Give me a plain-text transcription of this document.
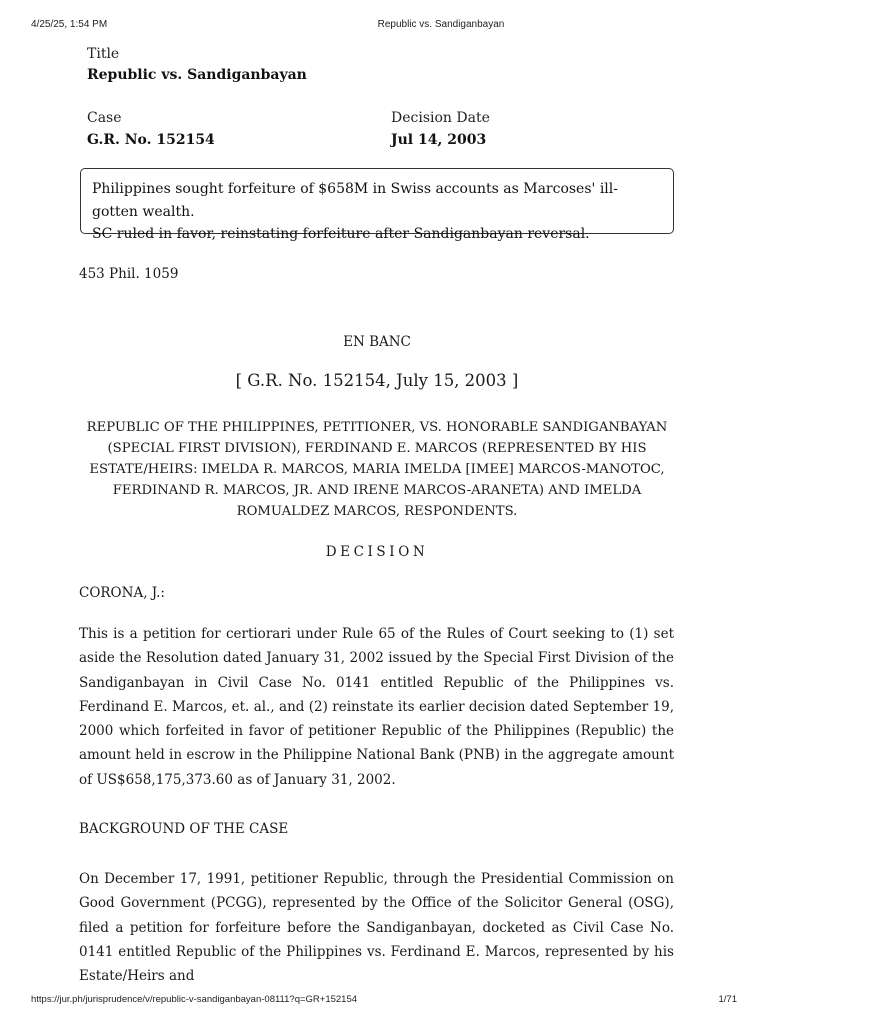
4/25/25, 1:54 PM	Republic vs. Sandiganbayan
Title
Republic vs. Sandiganbayan
Case
G.R. No. 152154
Decision Date
Jul 14, 2003

Philippines sought forfeiture of $658M in Swiss accounts as Marcoses' ill-gotten wealth.

SC ruled in favor, reinstating forfeiture after Sandiganbayan reversal.

453 Phil. 1059
EN BANC
[ G.R. No. 152154, July 15, 2003 ]
REPUBLIC OF THE PHILIPPINES, PETITIONER, VS. HONORABLE SANDIGANBAYAN
(SPECIAL FIRST DIVISION), FERDINAND E. MARCOS (REPRESENTED BY HIS
ESTATE/HEIRS: IMELDA R. MARCOS, MARIA IMELDA [IMEE] MARCOS-MANOTOC,
FERDINAND R. MARCOS, JR. AND IRENE MARCOS-ARANETA) AND IMELDA
ROMUALDEZ MARCOS, RESPONDENTS.
DECISION
CORONA, J.:

This is a petition for certiorari under Rule 65 of the Rules of Court seeking to (1) set aside the Resolution dated January 31, 2002 issued by the Special First Division of the Sandiganbayan in Civil Case No. 0141 entitled Republic of the Philippines vs. Ferdinand E. Marcos, et. al., and (2) reinstate its earlier decision dated September 19, 2000 which forfeited in favor of petitioner Republic of the Philippines (Republic) the amount held in escrow in the Philippine National Bank (PNB) in the aggregate amount of US$658,175,373.60 as of January 31, 2002.

BACKGROUND OF THE CASE

On December 17, 1991, petitioner Republic, through the Presidential Commission on Good Government (PCGG), represented by the Office of the Solicitor General (OSG), filed a petition for forfeiture before the Sandiganbayan, docketed as Civil Case No. 0141 entitled Republic of the Philippines vs. Ferdinand E. Marcos, represented by his Estate/Heirs and

https://jur.ph/jurisprudence/v/republic-v-sandiganbayan-08111?q=GR+152154	1/71
